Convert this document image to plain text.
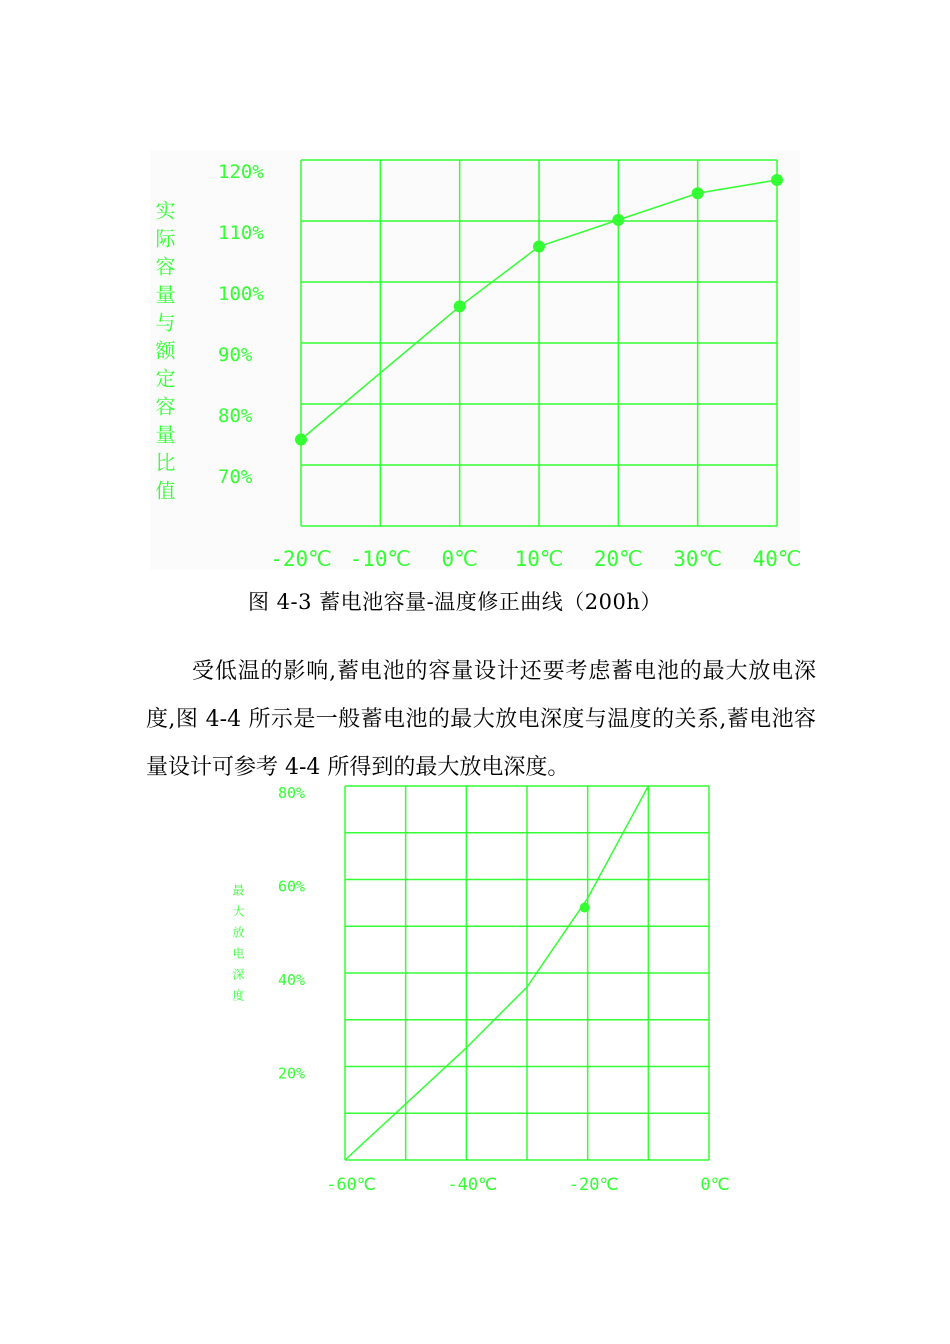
120%
110%
100%
90%
80%
70%
-20℃ -10℃ 0℃ 10℃ 20℃ 30℃ 40℃
80%
60%
40%
20%
-60℃	-40℃	-20℃	0℃
实际容量与额定容量比值
最大放电深度
图 4-3 蓄电池容量-温度修正曲线（200h）

受低温的影响,蓄电池的容量设计还要考虑蓄电池的最大放电深度,图 4-4 所示是一般蓄电池的最大放电深度与温度的关系,蓄电池容量设计可参考 4-4 所得到的最大放电深度。
